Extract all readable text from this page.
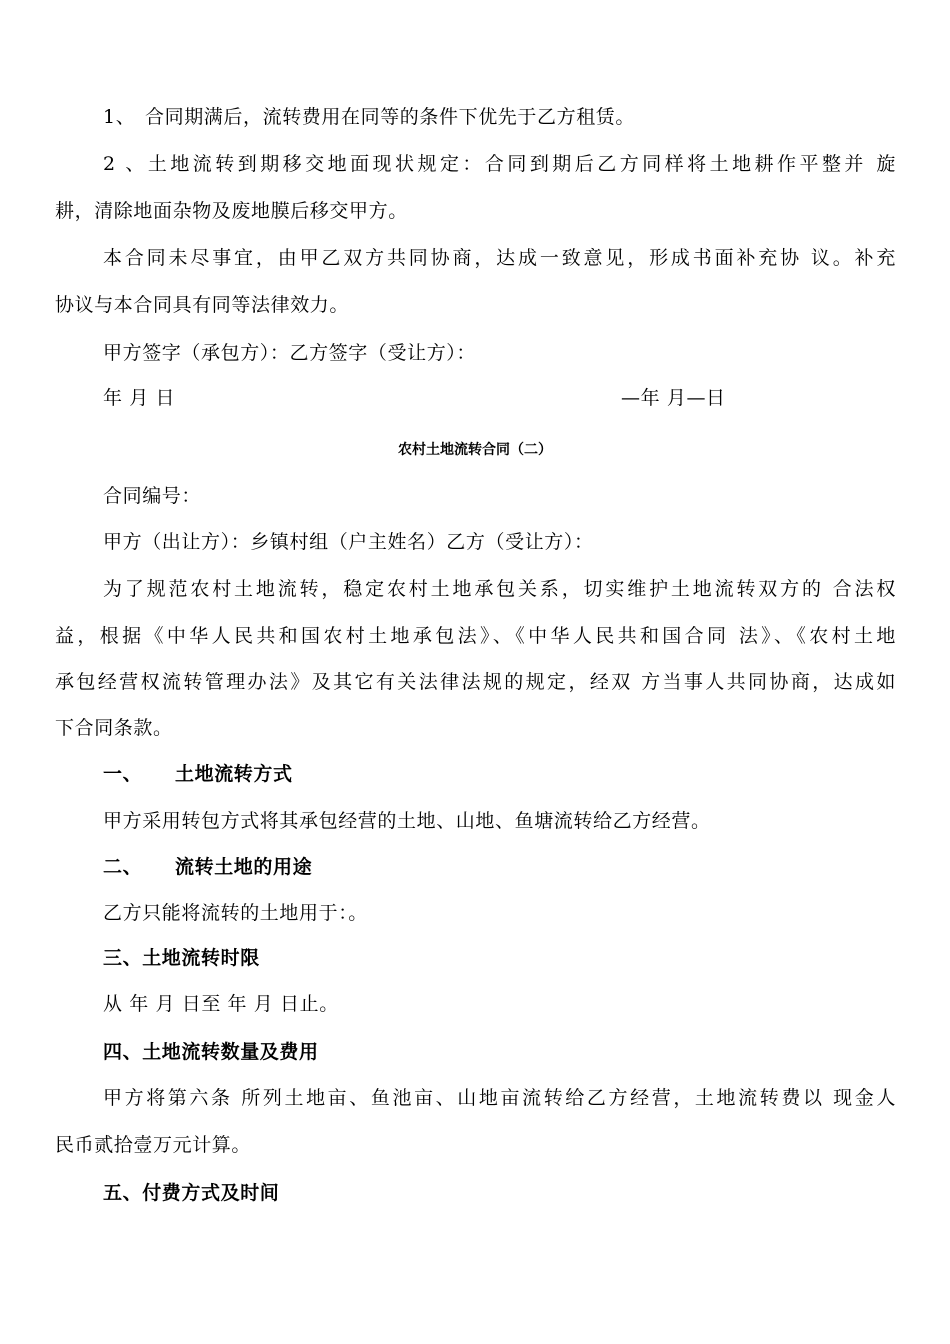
1、 合同期满后，流转费用在同等的条件下优先于乙方租赁。
2、土地流转到期移交地面现状规定：合同到期后乙方同样将土地耕作平整并 旋
耕，清除地面杂物及废地膜后移交甲方。
本合同未尽事宜，由甲乙双方共同协商，达成一致意见，形成书面补充协 议。补充
协议与本合同具有同等法律效力。
甲方签字（承包方）：乙方签字（受让方）：
年 月 日	—年 月—日
农村土地流转合同（二）
合同编号：
甲方（出让方）：乡镇村组（户主姓名）乙方（受让方）：
为了规范农村土地流转，稳定农村土地承包关系，切实维护土地流转双方的 合法权
益，根据《中华人民共和国农村土地承包法》、《中华人民共和国合同 法》、《农村土地
承包经营权流转管理办法》及其它有关法律法规的规定，经双 方当事人共同协商，达成如
下合同条款。
一、 土地流转方式
甲方采用转包方式将其承包经营的土地、山地、鱼塘流转给乙方经营。
二、 流转土地的用途
乙方只能将流转的土地用于：。
三、土地流转时限
从 年 月 日至 年 月 日止。
四、土地流转数量及费用
甲方将第六条 所列土地亩、鱼池亩、山地亩流转给乙方经营，土地流转费以 现金人
民币贰拾壹万元计算。
五、付费方式及时间
